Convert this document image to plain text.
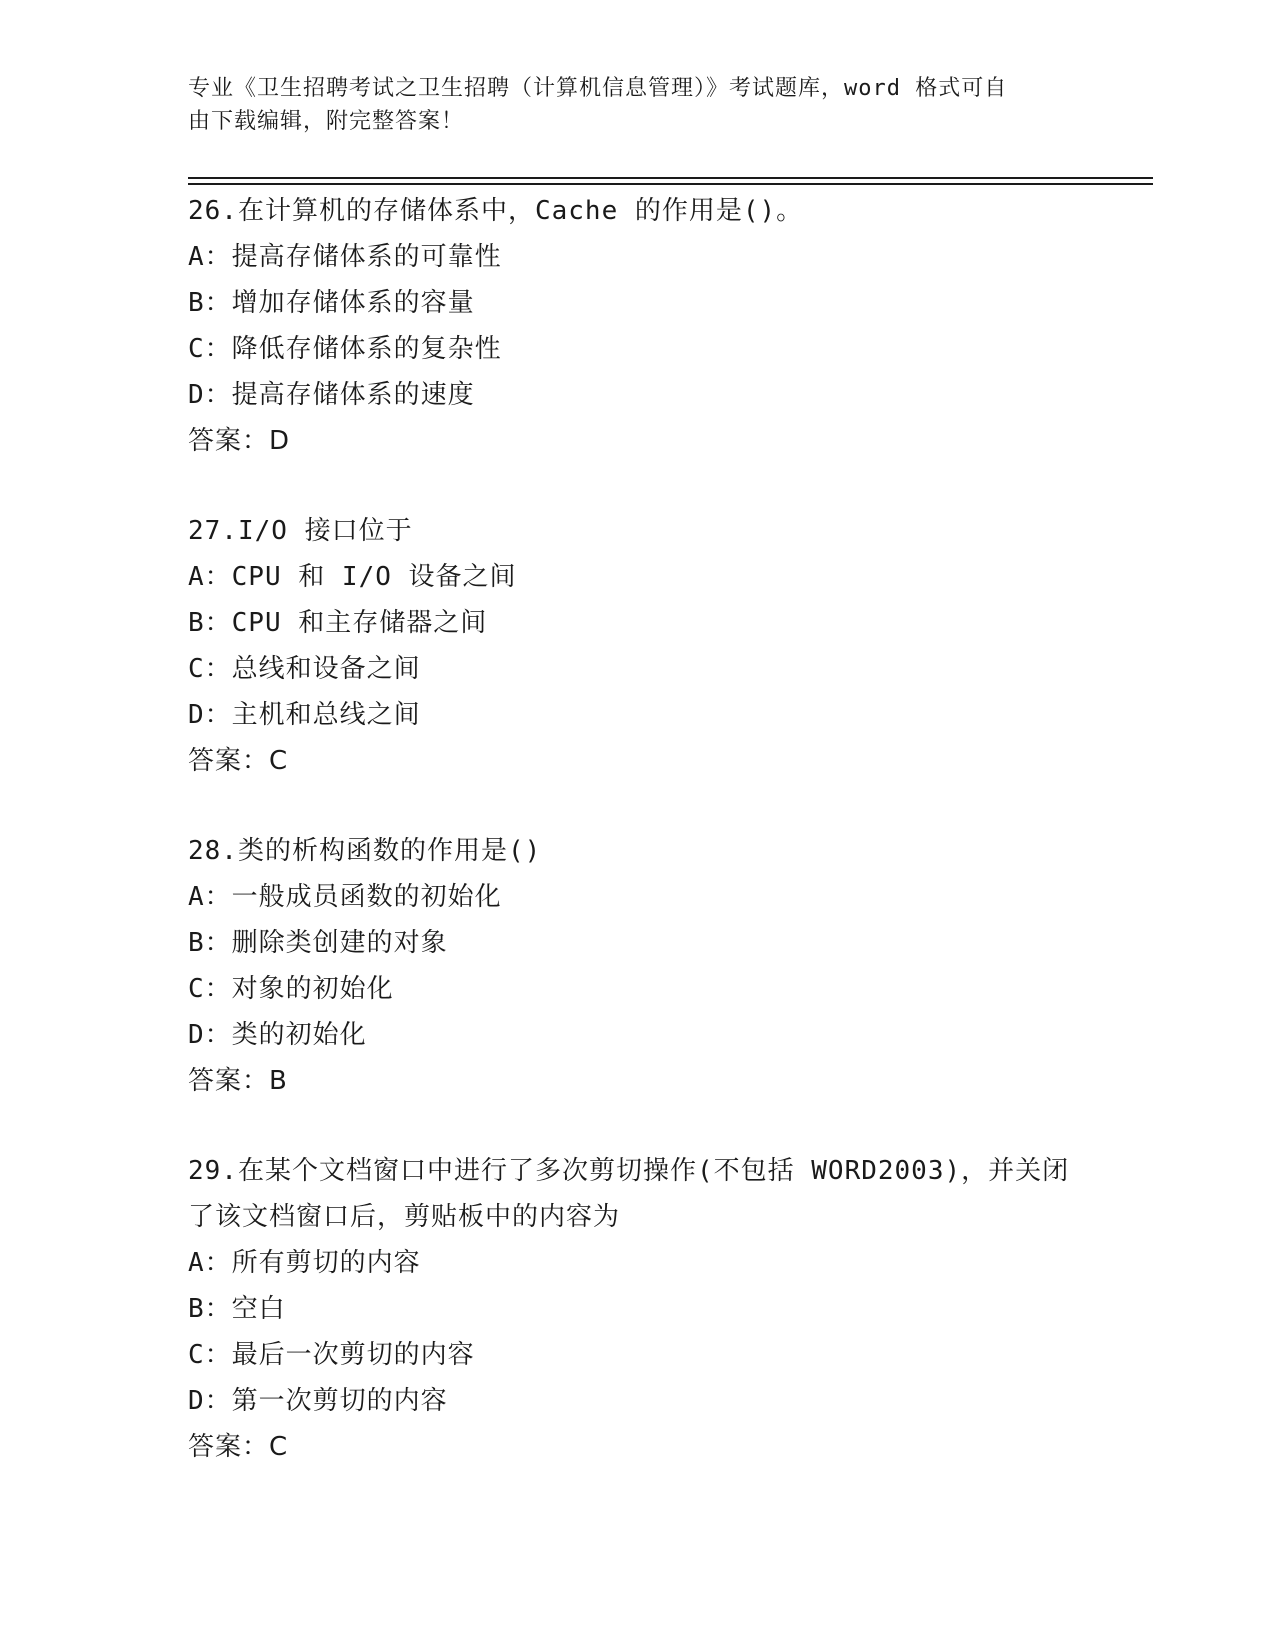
专业《卫生招聘考试之卫生招聘（计算机信息管理）》考试题库，word 格式可自
由下载编辑，附完整答案！
26.在计算机的存储体系中，Cache 的作用是()。
A：提高存储体系的可靠性
B：增加存储体系的容量
C：降低存储体系的复杂性
D：提高存储体系的速度
答案：D
27.I/O 接口位于
A：CPU 和 I/O 设备之间
B：CPU 和主存储器之间
C：总线和设备之间
D：主机和总线之间
答案：C
28.类的析构函数的作用是()
A：一般成员函数的初始化
B：删除类创建的对象
C：对象的初始化
D：类的初始化
答案：B
29.在某个文档窗口中进行了多次剪切操作(不包括 WORD2003)，并关闭
了该文档窗口后，剪贴板中的内容为
A：所有剪切的内容
B：空白
C：最后一次剪切的内容
D：第一次剪切的内容
答案：C
